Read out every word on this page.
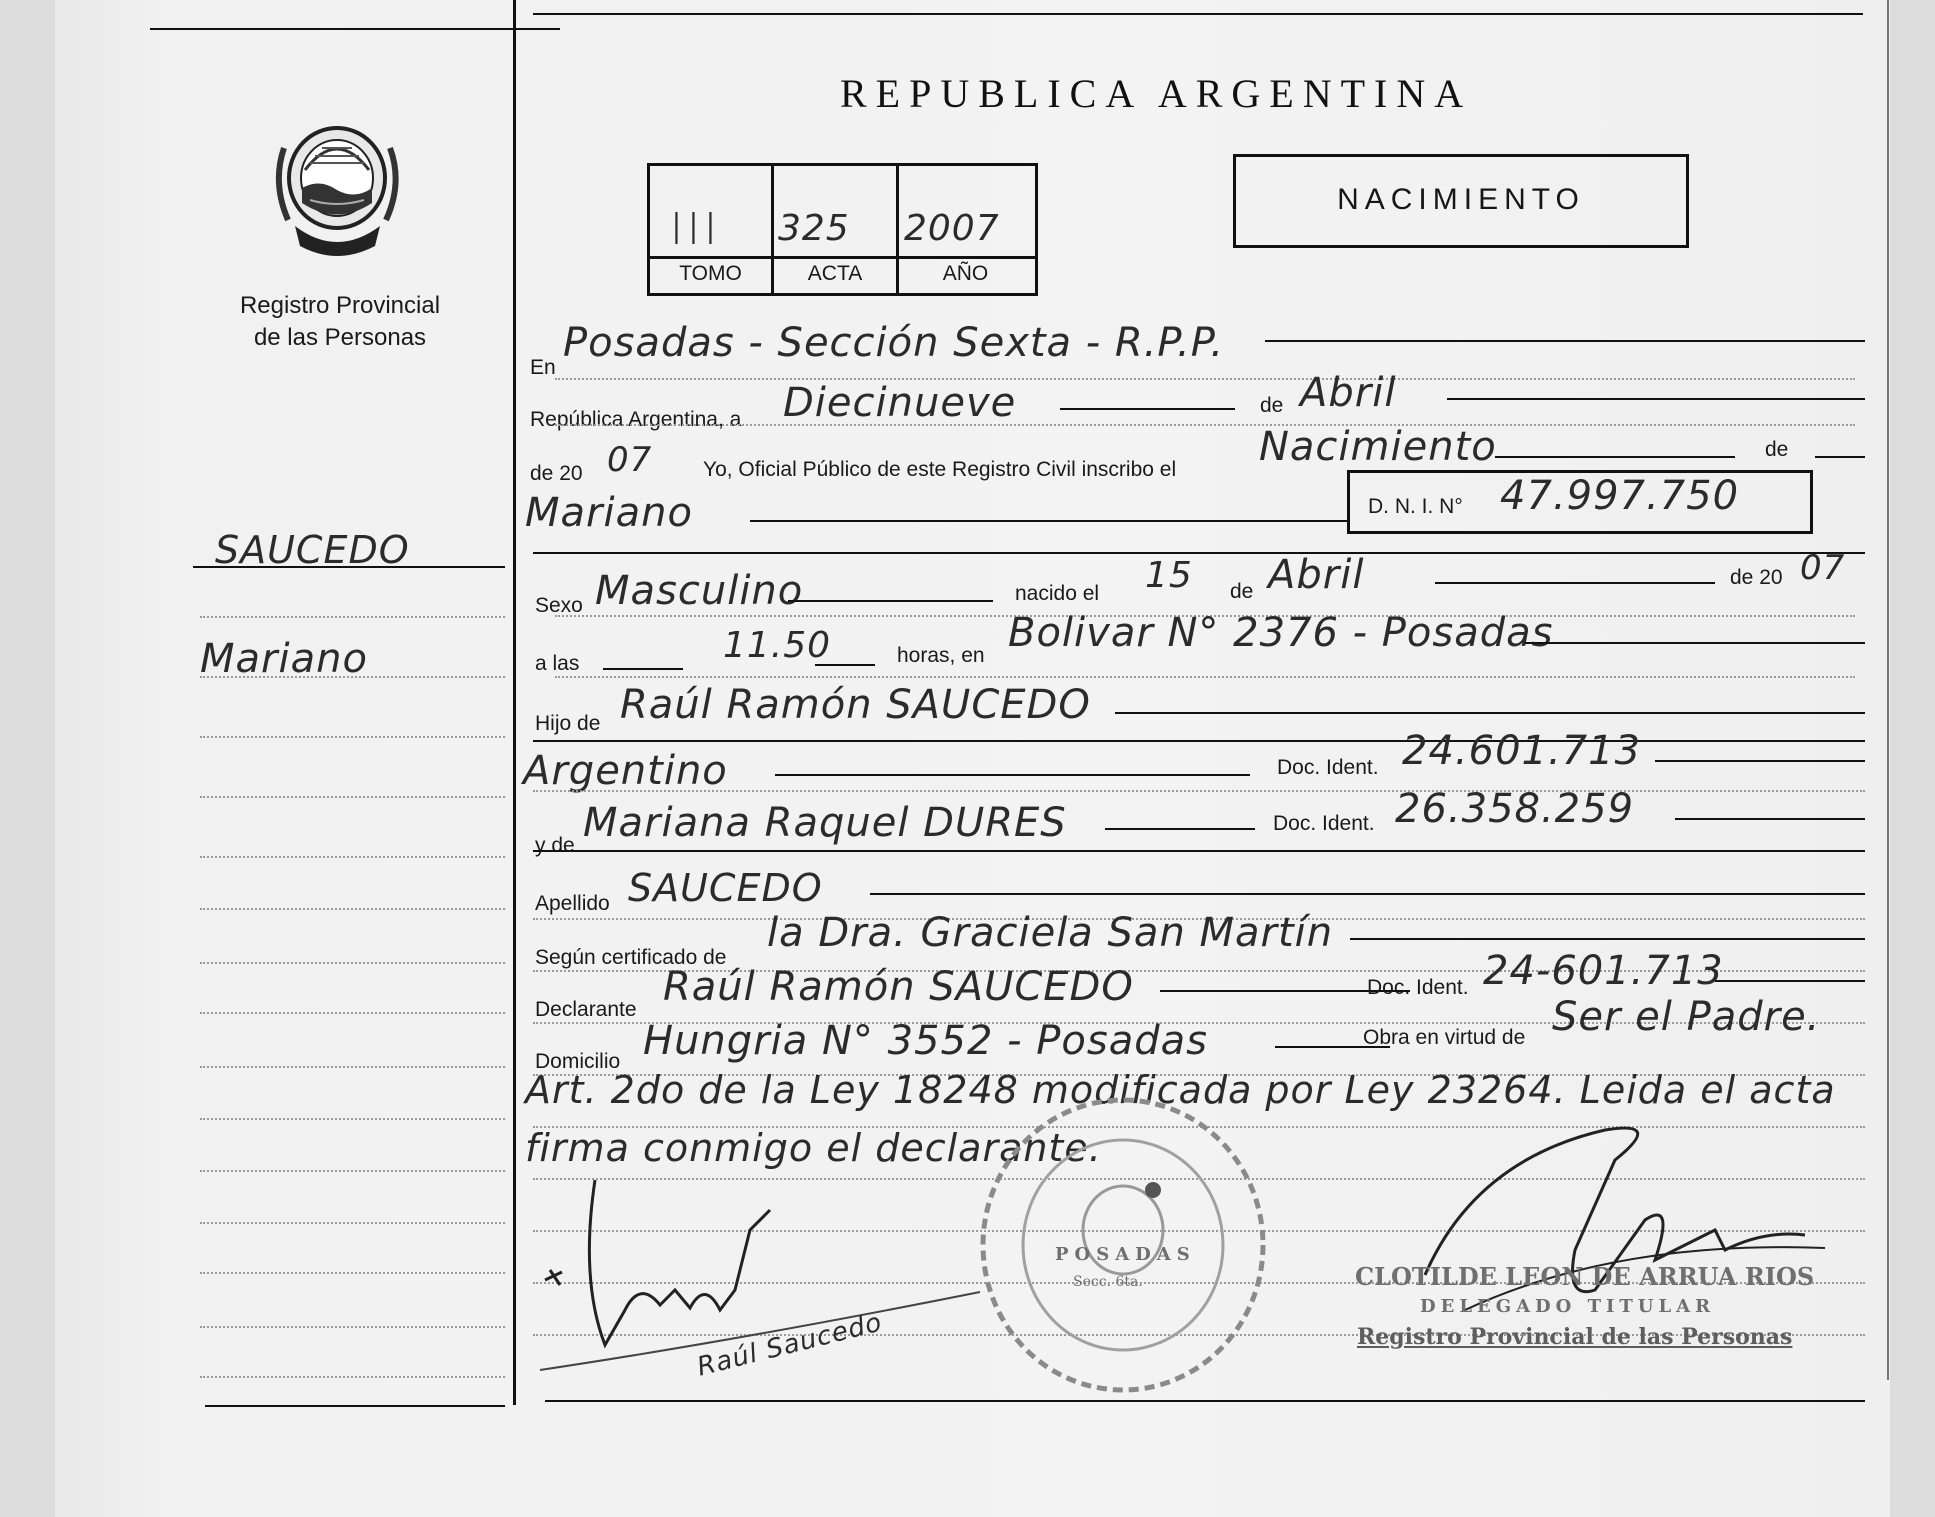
Registro Provincial
de las Personas
SAUCEDO
Mariano
REPUBLICA ARGENTINA
III 325 2007
TOMO	ACTA	AÑO
NACIMIENTO
En
Posadas - Sección Sexta - R.P.P.
República Argentina, a Diecinueve	de Abril
de 20 07 Yo, Oficial Público de este Registro Civil inscribo el Nacimiento	de
Mariano	D. N. I. N° 47.997.750
Sexo Masculino	nacido el 15 de Abril	de 20 07
a las	11.50	horas, en Bolivar N° 2376 - Posadas
Hijo de Raúl Ramón SAUCEDO
Argentino	Doc. Ident. 24.601.713
y de Mariana Raquel DURES	Doc. Ident. 26.358.259
Apellido SAUCEDO
Según certificado de
la Dra. Graciela San Martín
Declarante Raúl Ramón SAUCEDO	Doc. Ident. 24-601.713
Domicilio Hungria N° 3552 - Posadas	Obra en virtud de Ser el Padre.
Art. 2do de la Ley 18248 modificada por Ley 23264. Leida el acta
firma conmigo el declarante.
POSADAS
Secc. 6ta.
Raúl Saucedo
CLOTILDE LEON DE ARRUA RIOS
DELEGADO TITULAR
Registro Provincial de las Personas
